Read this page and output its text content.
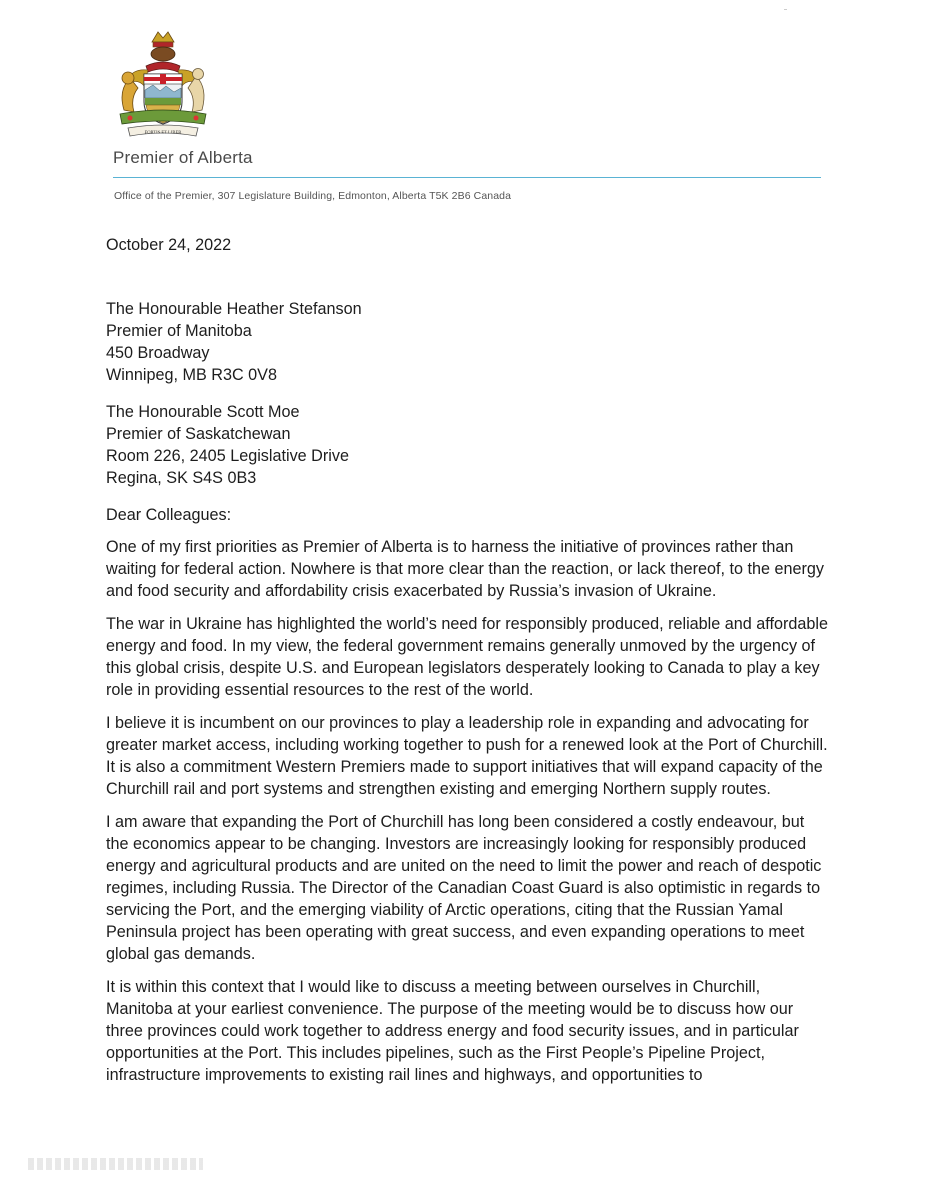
FORTIS ET LIBER
Premier of Alberta
Office of the Premier, 307 Legislature Building, Edmonton, Alberta T5K 2B6 Canada
October 24, 2022
The Honourable Heather Stefanson
Premier of Manitoba
450 Broadway
Winnipeg, MB R3C 0V8
The Honourable Scott Moe
Premier of Saskatchewan
Room 226, 2405 Legislative Drive
Regina, SK S4S 0B3
Dear Colleagues:

One of my first priorities as Premier of Alberta is to harness the initiative of provinces rather than waiting for federal action. Nowhere is that more clear than the reaction, or lack thereof, to the energy and food security and affordability crisis exacerbated by Russia’s invasion of Ukraine.

The war in Ukraine has highlighted the world’s need for responsibly produced, reliable and affordable energy and food. In my view, the federal government remains generally unmoved by the urgency of this global crisis, despite U.S. and European legislators desperately looking to Canada to play a key role in providing essential resources to the rest of the world.

I believe it is incumbent on our provinces to play a leadership role in expanding and advocating for greater market access, including working together to push for a renewed look at the Port of Churchill. It is also a commitment Western Premiers made to support initiatives that will expand capacity of the Churchill rail and port systems and strengthen existing and emerging Northern supply routes.

I am aware that expanding the Port of Churchill has long been considered a costly endeavour, but the economics appear to be changing. Investors are increasingly looking for responsibly produced energy and agricultural products and are united on the need to limit the power and reach of despotic regimes, including Russia. The Director of the Canadian Coast Guard is also optimistic in regards to servicing the Port, and the emerging viability of Arctic operations, citing that the Russian Yamal Peninsula project has been operating with great success, and even expanding operations to meet global gas demands.

It is within this context that I would like to discuss a meeting between ourselves in Churchill, Manitoba at your earliest convenience. The purpose of the meeting would be to discuss how our three provinces could work together to address energy and food security issues, and in particular opportunities at the Port. This includes pipelines, such as the First People’s Pipeline Project, infrastructure improvements to existing rail lines and highways, and opportunities to
